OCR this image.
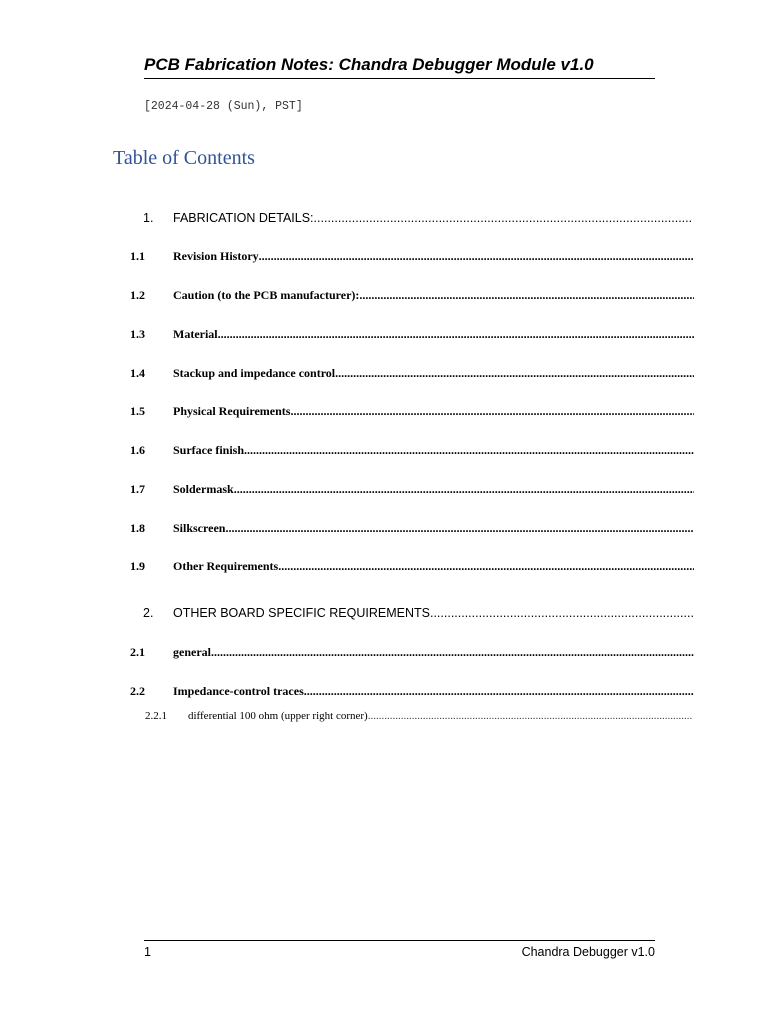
PCB Fabrication Notes: Chandra Debugger Module v1.0
[2024-04-28 (Sun), PST]
Table of Contents
1.	FABRICATION DETAILS:
.....
1.1	Revision History
.....
1.2	Caution (to the PCB manufacturer):
.....
1.3	Material
.....
1.4	Stackup and impedance control
.....
1.5	Physical Requirements
.....
1.6	Surface finish
.....
1.7	Soldermask
.....
1.8	Silkscreen
.....
1.9	Other Requirements
.....
2.	OTHER BOARD SPECIFIC REQUIREMENTS
.....
2.1	general
.....
2.2	Impedance-control traces
.....
2.2.1	differential 100 ohm (upper right corner)
.....
1	Chandra Debugger v1.0
